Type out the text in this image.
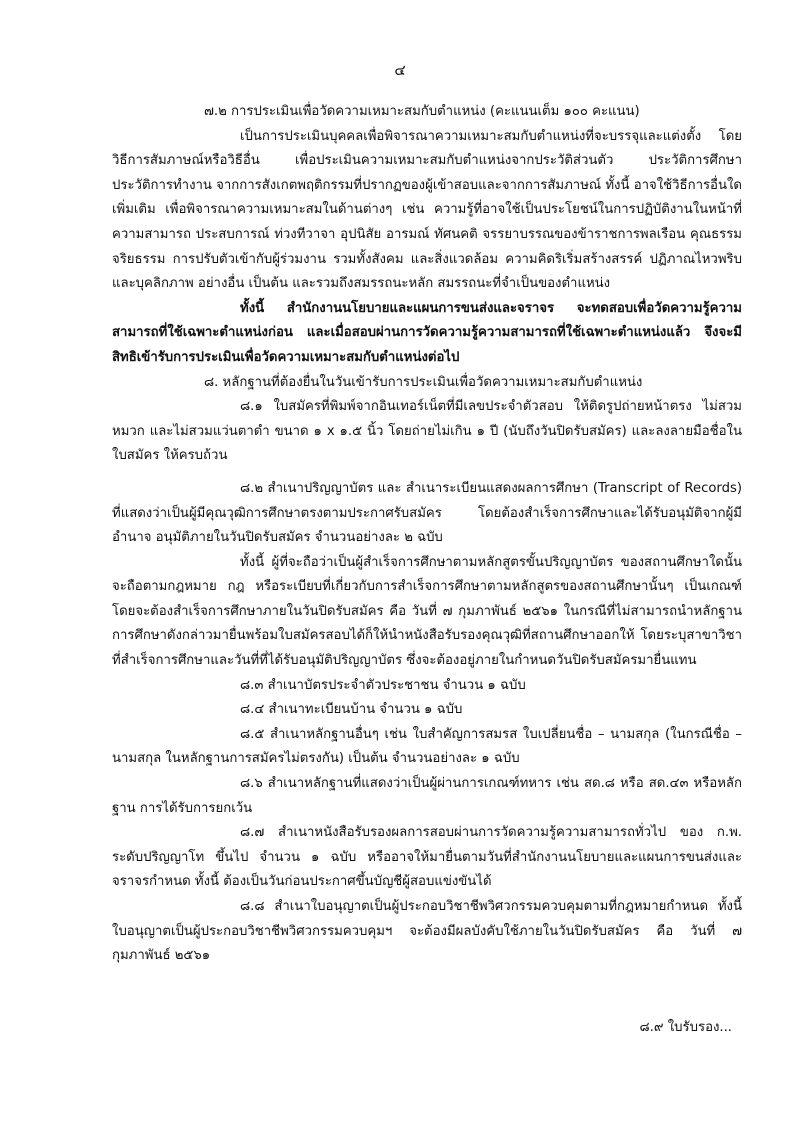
๔

๗.๒ การประเมินเพื่อวัดความเหมาะสมกับตำแหน่ง (คะแนนเต็ม ๑๐๐ คะแนน)

เป็นการประเมินบุคคลเพื่อพิจารณาความเหมาะสมกับตำแหน่งที่จะบรรจุและแต่งตั้ง โดยวิธีการสัมภาษณ์หรือวิธีอื่น เพื่อประเมินความเหมาะสมกับตำแหน่งจากประวัติส่วนตัว ประวัติการศึกษา ประวัติการทำงาน จากการสังเกตพฤติกรรมที่ปรากฏของผู้เข้าสอบและจากการสัมภาษณ์ ทั้งนี้ อาจใช้วิธีการอื่นใดเพิ่มเติม เพื่อพิจารณาความเหมาะสมในด้านต่างๆ เช่น ความรู้ที่อาจใช้เป็นประโยชน์ในการปฏิบัติงานในหน้าที่ ความสามารถ ประสบการณ์ ท่วงทีวาจา อุปนิสัย อารมณ์ ทัศนคติ จรรยาบรรณของข้าราชการพลเรือน คุณธรรม จริยธรรม การปรับตัวเข้ากับผู้ร่วมงาน รวมทั้งสังคม และสิ่งแวดล้อม ความคิดริเริ่มสร้างสรรค์ ปฏิภาณไหวพริบ และบุคลิกภาพ อย่างอื่น เป็นต้น และรวมถึงสมรรถนะหลัก สมรรถนะที่จำเป็นของตำแหน่ง

ทั้งนี้ สำนักงานนโยบายและแผนการขนส่งและจราจร จะทดสอบเพื่อวัดความรู้ความสามารถที่ใช้เฉพาะตำแหน่งก่อน และเมื่อสอบผ่านการวัดความรู้ความสามารถที่ใช้เฉพาะตำแหน่งแล้ว จึงจะมีสิทธิเข้ารับการประเมินเพื่อวัดความเหมาะสมกับตำแหน่งต่อไป

๘. หลักฐานที่ต้องยื่นในวันเข้ารับการประเมินเพื่อวัดความเหมาะสมกับตำแหน่ง

๘.๑ ใบสมัครที่พิมพ์จากอินเทอร์เน็ตที่มีเลขประจำตัวสอบ ให้ติดรูปถ่ายหน้าตรง ไม่สวมหมวก และไม่สวมแว่นตาดำ ขนาด ๑ x ๑.๕ นิ้ว โดยถ่ายไม่เกิน ๑ ปี (นับถึงวันปิดรับสมัคร) และลงลายมือชื่อในใบสมัคร ให้ครบถ้วน

๘.๒ สำเนาปริญญาบัตร และ สำเนาระเบียนแสดงผลการศึกษา (Transcript of Records) ที่แสดงว่าเป็นผู้มีคุณวุฒิการศึกษาตรงตามประกาศรับสมัคร โดยต้องสำเร็จการศึกษาและได้รับอนุมัติจากผู้มีอำนาจ อนุมัติภายในวันปิดรับสมัคร จำนวนอย่างละ ๒ ฉบับ

ทั้งนี้ ผู้ที่จะถือว่าเป็นผู้สำเร็จการศึกษาตามหลักสูตรขั้นปริญญาบัตร ของสถานศึกษาใดนั้น จะถือตามกฎหมาย กฎ หรือระเบียบที่เกี่ยวกับการสำเร็จการศึกษาตามหลักสูตรของสถานศึกษานั้นๆ เป็นเกณฑ์ โดยจะต้องสำเร็จการศึกษาภายในวันปิดรับสมัคร คือ วันที่ ๗ กุมภาพันธ์ ๒๕๖๑ ในกรณีที่ไม่สามารถนำหลักฐานการศึกษาดังกล่าวมายื่นพร้อมใบสมัครสอบได้ก็ให้นำหนังสือรับรองคุณวุฒิที่สถานศึกษาออกให้ โดยระบุสาขาวิชาที่สำเร็จการศึกษาและวันที่ที่ได้รับอนุมัติปริญญาบัตร ซึ่งจะต้องอยู่ภายในกำหนดวันปิดรับสมัครมายื่นแทน

๘.๓ สำเนาบัตรประจำตัวประชาชน จำนวน ๑ ฉบับ

๘.๔ สำเนาทะเบียนบ้าน จำนวน ๑ ฉบับ

๘.๕ สำเนาหลักฐานอื่นๆ เช่น ใบสำคัญการสมรส ใบเปลี่ยนชื่อ – นามสกุล (ในกรณีชื่อ – นามสกุล ในหลักฐานการสมัครไม่ตรงกัน) เป็นต้น จำนวนอย่างละ ๑ ฉบับ

๘.๖ สำเนาหลักฐานที่แสดงว่าเป็นผู้ผ่านการเกณฑ์ทหาร เช่น สด.๘ หรือ สด.๔๓ หรือหลักฐาน การได้รับการยกเว้น

๘.๗ สำเนาหนังสือรับรองผลการสอบผ่านการวัดความรู้ความสามารถทั่วไป ของ ก.พ. ระดับปริญญาโท ขึ้นไป จำนวน ๑ ฉบับ หรืออาจให้มายื่นตามวันที่สำนักงานนโยบายและแผนการขนส่งและจราจรกำหนด ทั้งนี้ ต้องเป็นวันก่อนประกาศขึ้นบัญชีผู้สอบแข่งขันได้

๘.๘ สำเนาใบอนุญาตเป็นผู้ประกอบวิชาชีพวิศวกรรมควบคุมตามที่กฎหมายกำหนด ทั้งนี้ ใบอนุญาตเป็นผู้ประกอบวิชาชีพวิศวกรรมควบคุมฯ จะต้องมีผลบังคับใช้ภายในวันปิดรับสมัคร คือ วันที่ ๗ กุมภาพันธ์ ๒๕๖๑

๘.๙ ใบรับรอง...
